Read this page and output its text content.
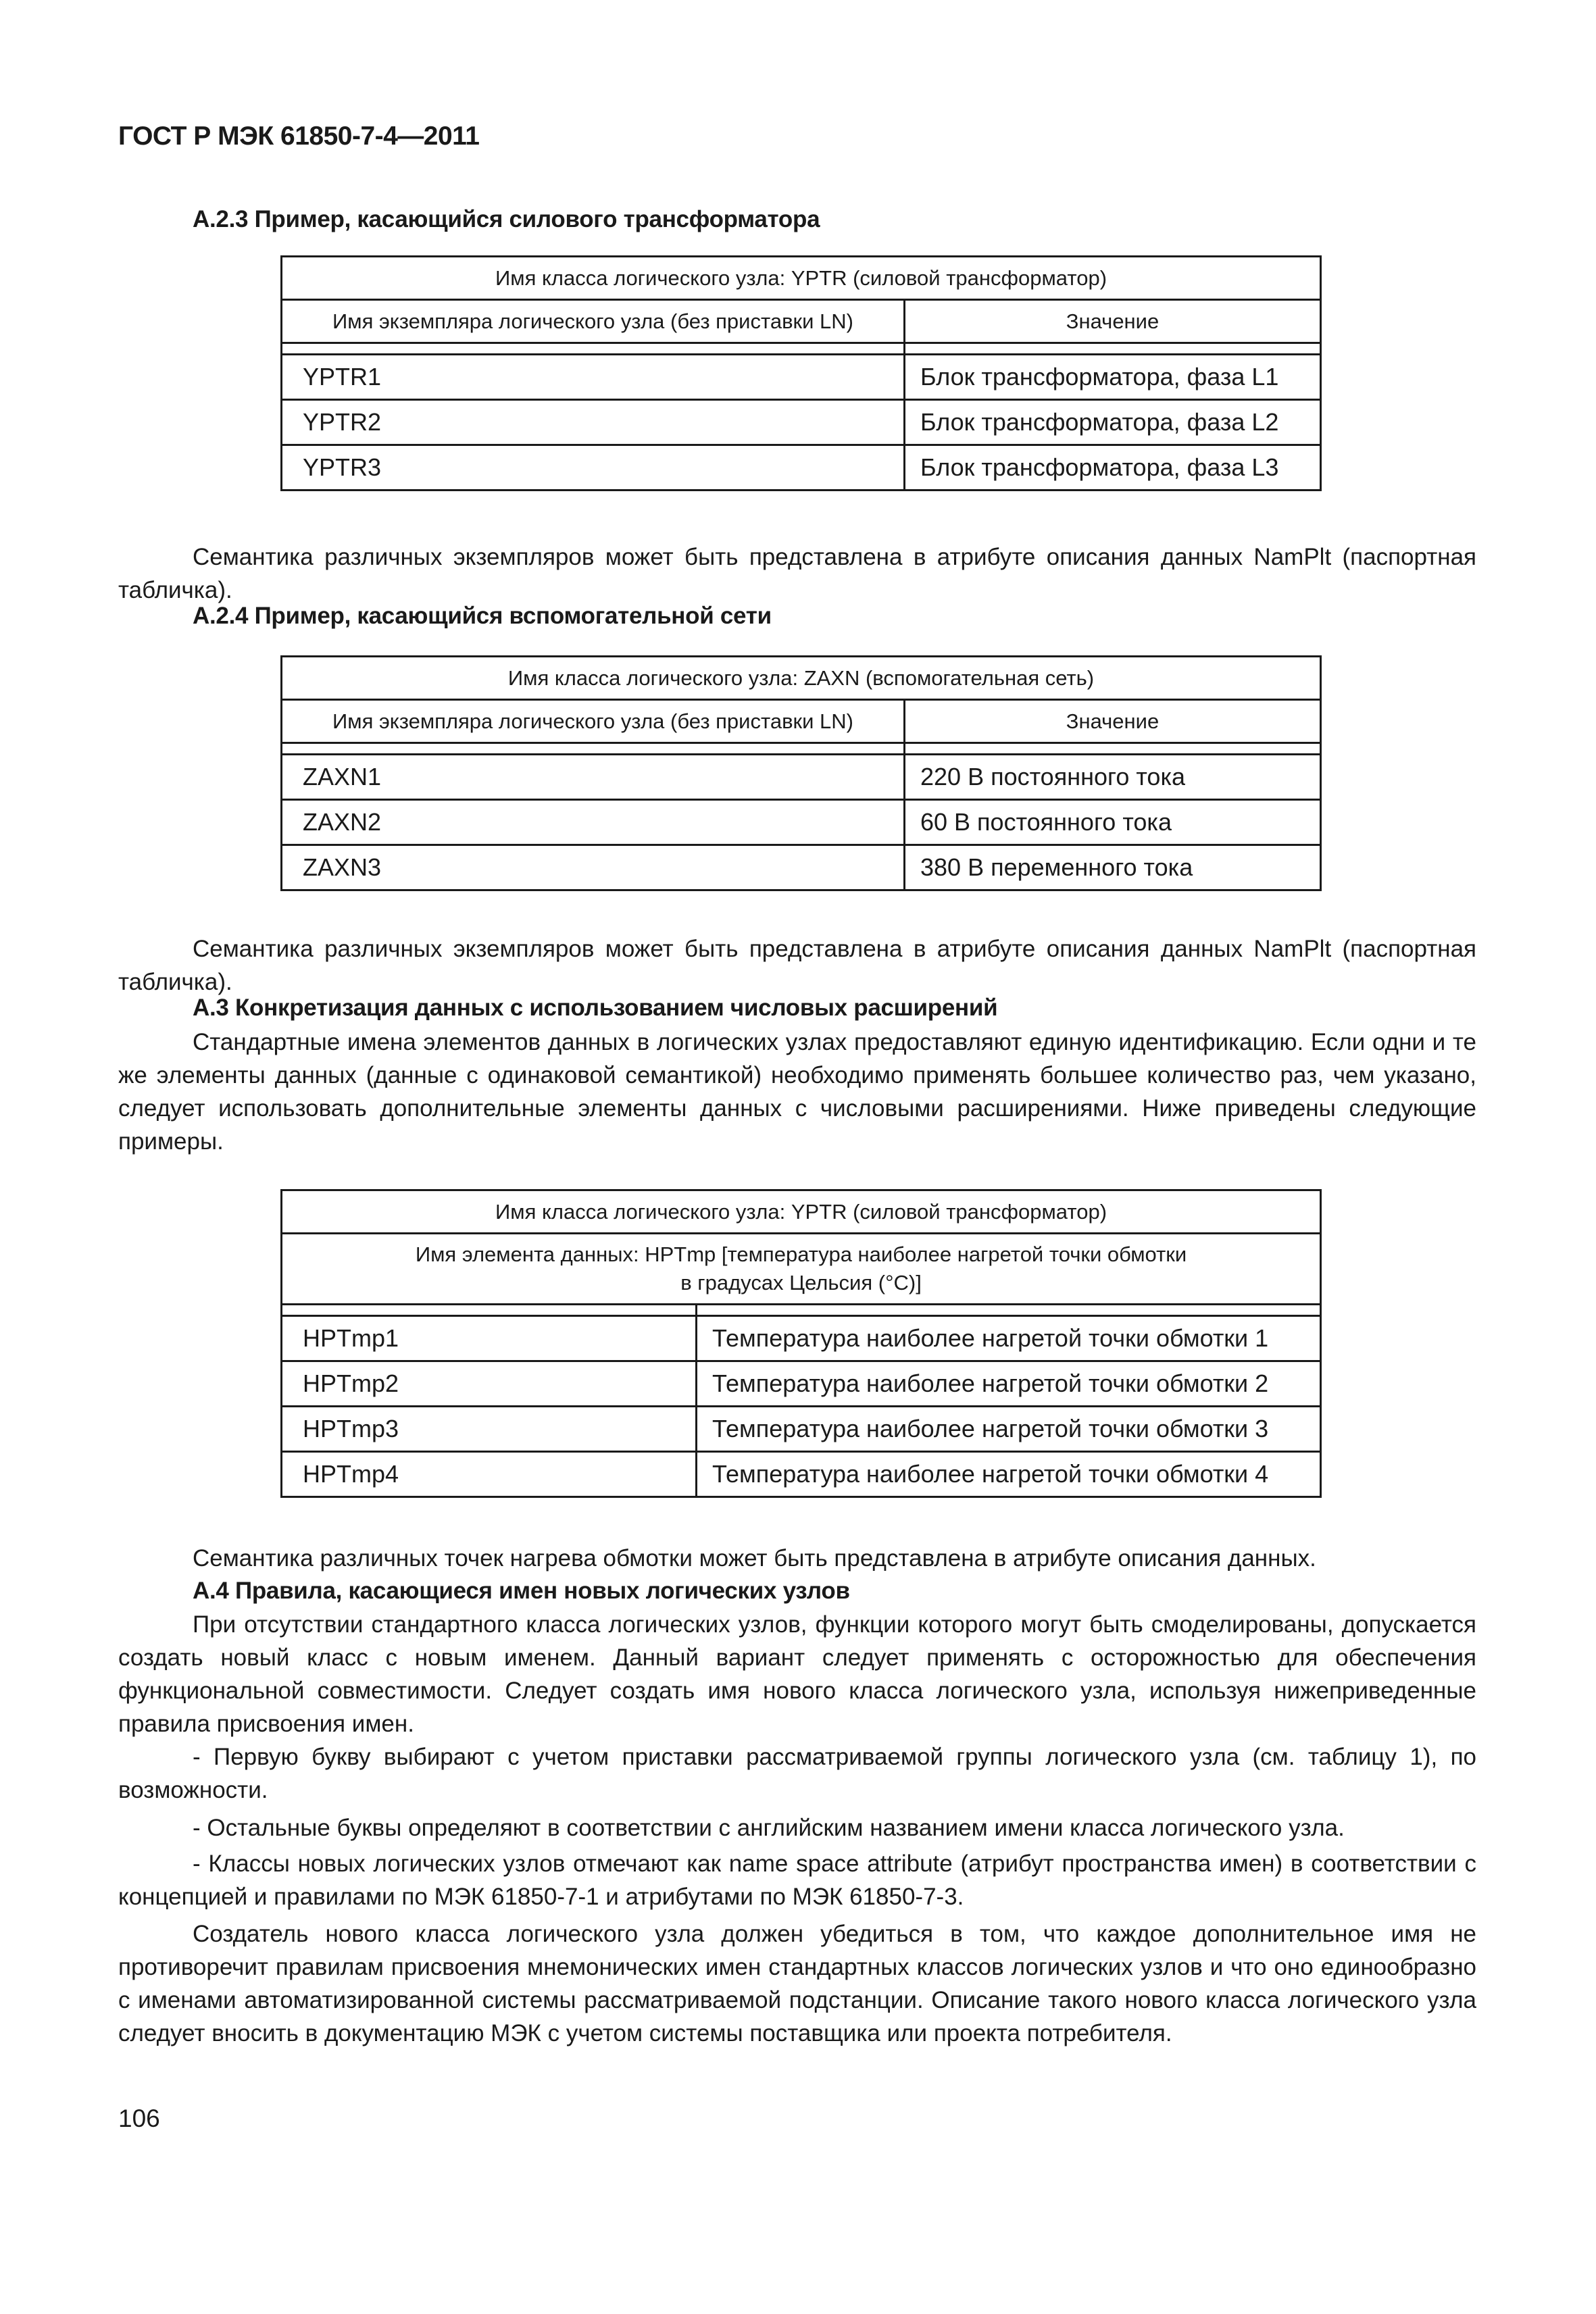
ГОСТ Р МЭК 61850-7-4—2011
А.2.3 Пример, касающийся силового трансформатора
Имя класса логического узла: YPTR (силовой трансформатор)	
Имя экземпляра логического узла (без приставки LN)	Значение

YPTR1	Блок трансформатора, фаза L1
YPTR2	Блок трансформатора, фаза L2
YPTR3	Блок трансформатора, фаза L3
Семантика различных экземпляров может быть представлена в атрибуте описания данных NamPlt (паспортная табличка).
А.2.4 Пример, касающийся вспомогательной сети
Имя класса логического узла: ZAXN (вспомогательная сеть)	
Имя экземпляра логического узла (без приставки LN)	Значение

ZAXN1	220 В постоянного тока
ZAXN2	60 В постоянного тока
ZAXN3	380 В переменного тока
Семантика различных экземпляров может быть представлена в атрибуте описания данных NamPlt (паспортная табличка).
А.3 Конкретизация данных с использованием числовых расширений
Стандартные имена элементов данных в логических узлах предоставляют единую идентификацию. Если одни и те же элементы данных (данные с одинаковой семантикой) необходимо применять большее количество раз, чем указано, следует использовать дополнительные элементы данных с числовыми расширениями. Ниже приведены следующие примеры.
Имя класса логического узла: YPTR (силовой трансформатор)	

Имя элемента данных: HPTmp [температура наиболее нагретой точки обмотки
в градусах Цельсия (°C)]	

HPTmp1	Температура наиболее нагретой точки обмотки 1
HPTmp2	Температура наиболее нагретой точки обмотки 2
HPTmp3	Температура наиболее нагретой точки обмотки 3
HPTmp4	Температура наиболее нагретой точки обмотки 4
Семантика различных точек нагрева обмотки может быть представлена в атрибуте описания данных.
А.4 Правила, касающиеся имен новых логических узлов
При отсутствии стандартного класса логических узлов, функции которого могут быть смоделированы, допускается создать новый класс с новым именем. Данный вариант следует применять с осторожностью для обеспечения функциональной совместимости. Следует создать имя нового класса логического узла, используя нижеприведенные правила присвоения имен.
- Первую букву выбирают с учетом приставки рассматриваемой группы логического узла (см. таблицу 1), по возможности.
- Остальные буквы определяют в соответствии с английским названием имени класса логического узла.
- Классы новых логических узлов отмечают как name space attribute (атрибут пространства имен) в соответствии с концепцией и правилами по МЭК 61850-7-1 и атрибутами по МЭК 61850-7-3.
Создатель нового класса логического узла должен убедиться в том, что каждое дополнительное имя не противоречит правилам присвоения мнемонических имен стандартных классов логических узлов и что оно единообразно с именами автоматизированной системы рассматриваемой подстанции. Описание такого нового класса логического узла следует вносить в документацию МЭК с учетом системы поставщика или проекта потребителя.
106
